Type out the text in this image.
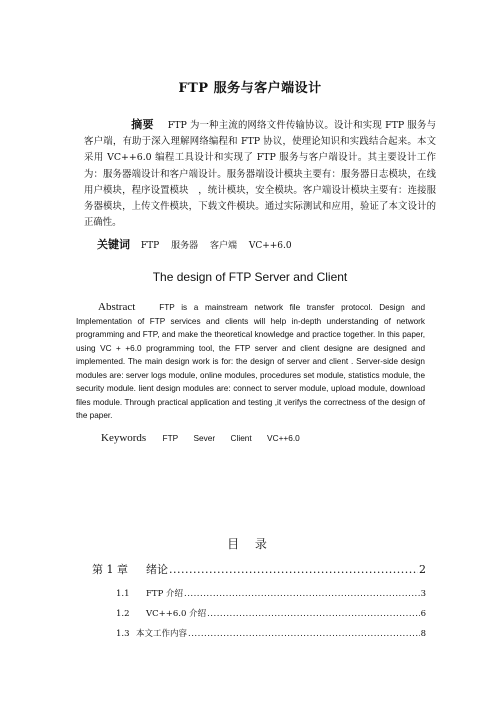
FTP 服务与客户端设计
摘要 FTP 为一种主流的网络文件传输协议。设计和实现 FTP 服务与客户端，有助于深入理解网络编程和 FTP 协议，使理论知识和实践结合起来。本文采用 VC++6.0 编程工具设计和实现了 FTP 服务与客户端设计。其主要设计工作为：服务器端设计和客户端设计。服务器端设计模块主要有：服务器日志模块，在线用户模块，程序设置模块　，统计模块，安全模块。客户端设计模块主要有：连接服务器模块，上传文件模块，下载文件模块。通过实际测试和应用，验证了本文设计的正确性。
关键词 FTP 服务器 客户端 VC++6.0
The design of FTP Server and Client
Abstract	FTP is a mainstream network file transfer protocol. Design and Implementation of FTP services and clients will help in-depth understanding of network programming and FTP, and make the theoretical knowledge and practice together. In this paper, using VC + +6.0 programming tool, the FTP server and client designe are designed and implemented. The main design work is for: the design of server and client . Server-side design modules are: server logs module, online modules, procedures set module, statistics module, the security module. lient design modules are: connect to server module, upload module, download files module. Through practical application and testing ,it verifys the correctness of the design of the paper.
Keywords FTP Sever Client VC++6.0
目 录
第 1 章	绪论 .....	2
1.1	FTP 介绍 .....	3
1.2	VC++6.0 介绍 .....	6
1.3 本文工作内容 .....	8
